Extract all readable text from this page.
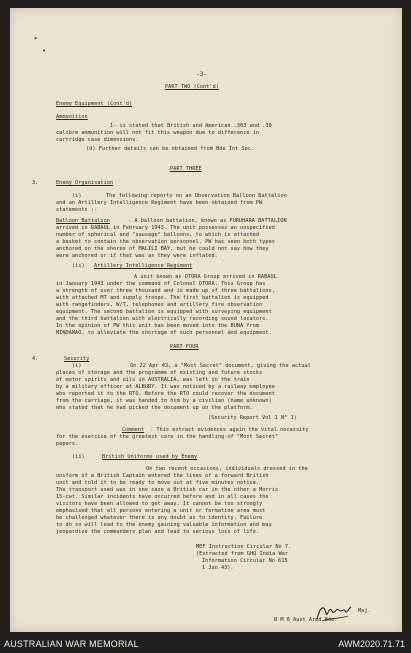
▸
•
-3-
PART TWO (Cont'd)
Enemy Equipment (Cont'd)
Ammunition
1- is stated that British and American .303 and .30
calibre ammunition will not fit this weapon due to difference in
cartridge case dimensions.
(d) Further details can be obtained from Bde Int Sec.
PART THREE
3.	Enemy Organisation
(i)	The following reports on an Observation Balloon Battalion
and an Artillery Intelligence Regiment have been obtained from PW
statements :-
Balloon Battalion	- A balloon battalion, known as FURUHARA BATTALION
arrived in RABAUL in February 1943. The unit possesses an unspecified
number of spherical and "sausage" balloons, to which is attached
a basket to contain the observation personnel. PW has seen both types
anchored on the shores of MALILI BAY, but he could not say how they
were anchored or if that was as they were inflated.
(ii) Artillery Intelligence Regiment
A unit known as OTORA Group arrived in RABAUL
in January 1943 under the command of Colonel OTORA. This Group has
a strength of over three thousand and is made up of three battalions,
with attached MT and supply troops. The first battalion is equipped
with rangefinders, W/T, telephones and artillery fire observation
equipment. The second battalion is equipped with surveying equipment
and the third battalion with electrically recording sound locators.
In the opinion of PW this unit has been moved into the BUNA from
MINDANAO, to alleviate the shortage of such personnel and equipment.
PART FOUR
4.	Security
(i)	On 22 Apr 43, a "Most Secret" document, giving the actual
places of storage and the programme of existing and future stocks
of motor spirits and oils in AUSTRALIA, was left in the train
by a military officer at ALBURY. It was noticed by a railway employee
who reported it to the RTO. Before the RTO could recover the document
from the carriage, it was handed to him by a civilian (name unknown)
who stated that he had picked the document up on the platform.
(Security Report Vol 1 N° 1)
Comment - This extract evidences again the vital necessity
for the exercise of the greatest care in the handling of "Most Secret"
papers.
(ii)	British Uniforms used by Enemy
On two recent occasions, individuals dressed in the
uniform of a British Captain entered the lines of a forward British
unit and told it to be ready to move out at five minutes notice.
The transport used was in one case a British car in the other a Morris
15-cwt. Similar incidents have occurred before and in all cases the
visitors have been allowed to get away. It cannot be too strongly
emphasised that all persons entering a unit or formation area must
be challenged whatever there is any doubt as to identity. Failure
to do so will lead to the enemy gaining valuable information and may
jeopardize the commanders plan and lead to serious loss of life.
MEF Instruction Circular No 7.
(Extracted from GHQ India War
Information Circular No 615
1 Jan 43).
Maj.
B M 8 Aust Armd Bde.
AUSTRALIAN WAR MEMORIAL	AWM2020.71.71
